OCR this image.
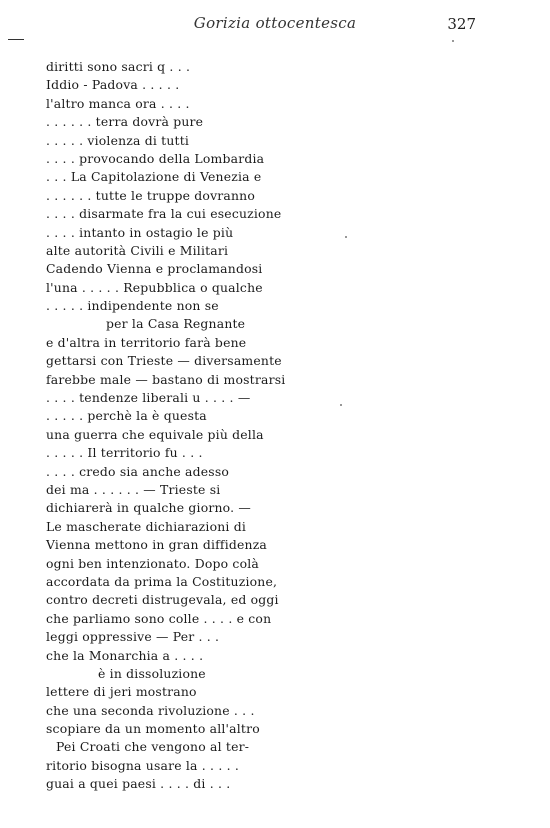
Gorizia ottocentesca	327
diritti sono sacri q . . .
Iddio - Padova . . . . .
l'altro manca ora . . . .
. . . . . . terra dovrà pure
. . . . . violenza di tutti
. . . . provocando della Lombardia
. . . La Capitolazione di Venezia e
. . . . . . tutte le truppe dovranno
. . . . disarmate fra la cui esecuzione
. . . . intanto in ostagio le più
alte autorità Civili e Militari
Cadendo Vienna e proclamandosi
l'una . . . . . Repubblica o qualche
. . . . . indipendente non se
per la Casa Regnante
e d'altra in territorio farà bene
gettarsi con Trieste — diversamente
farebbe male — bastano di mostrarsi
. . . . tendenze liberali u . . . . —
. . . . . perchè la è questa
una guerra che equivale più della
. . . . . Il territorio fu . . .
. . . . credo sia anche adesso
dei ma . . . . . . — Trieste si
dichiarerà in qualche giorno. —
Le mascherate dichiarazioni di
Vienna mettono in gran diffidenza
ogni ben intenzionato. Dopo colà
accordata da prima la Costituzione,
contro decreti distrugevala, ed oggi
che parliamo sono colle . . . . e con
leggi oppressive — Per . . .
che la Monarchia a . . . .
è in dissoluzione
lettere di jeri mostrano
che una seconda rivoluzione . . .
scopiare da un momento all'altro
Pei Croati che vengono al ter-
ritorio bisogna usare la . . . . .
guai a quei paesi . . . . di . . .
